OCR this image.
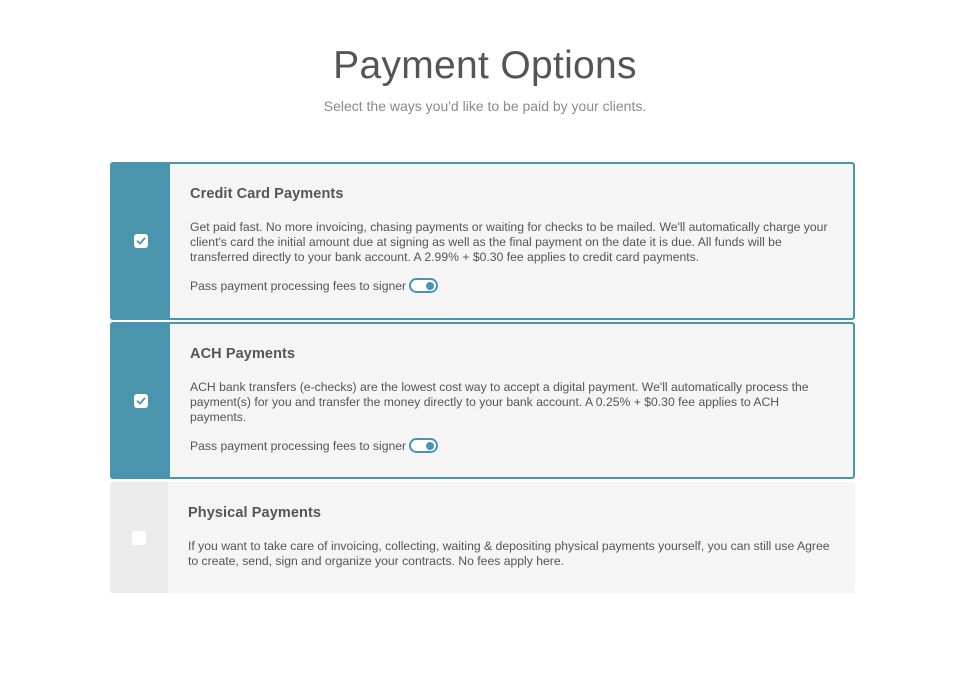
Payment Options

Select the ways you'd like to be paid by your clients.

Credit Card Payments
Get paid fast. No more invoicing, chasing payments or waiting for checks to be mailed. We'll automatically charge your client's card the initial amount due at signing as well as the final payment on the date it is due. All funds will be transferred directly to your bank account. A 2.99% + $0.30 fee applies to credit card payments.
Pass payment processing fees to signer
ACH Payments
ACH bank transfers (e-checks) are the lowest cost way to accept a digital payment. We'll automatically process the payment(s) for you and transfer the money directly to your bank account. A 0.25% + $0.30 fee applies to ACH payments.
Pass payment processing fees to signer
Physical Payments
If you want to take care of invoicing, collecting, waiting & depositing physical payments yourself, you can still use Agree to create, send, sign and organize your contracts. No fees apply here.
